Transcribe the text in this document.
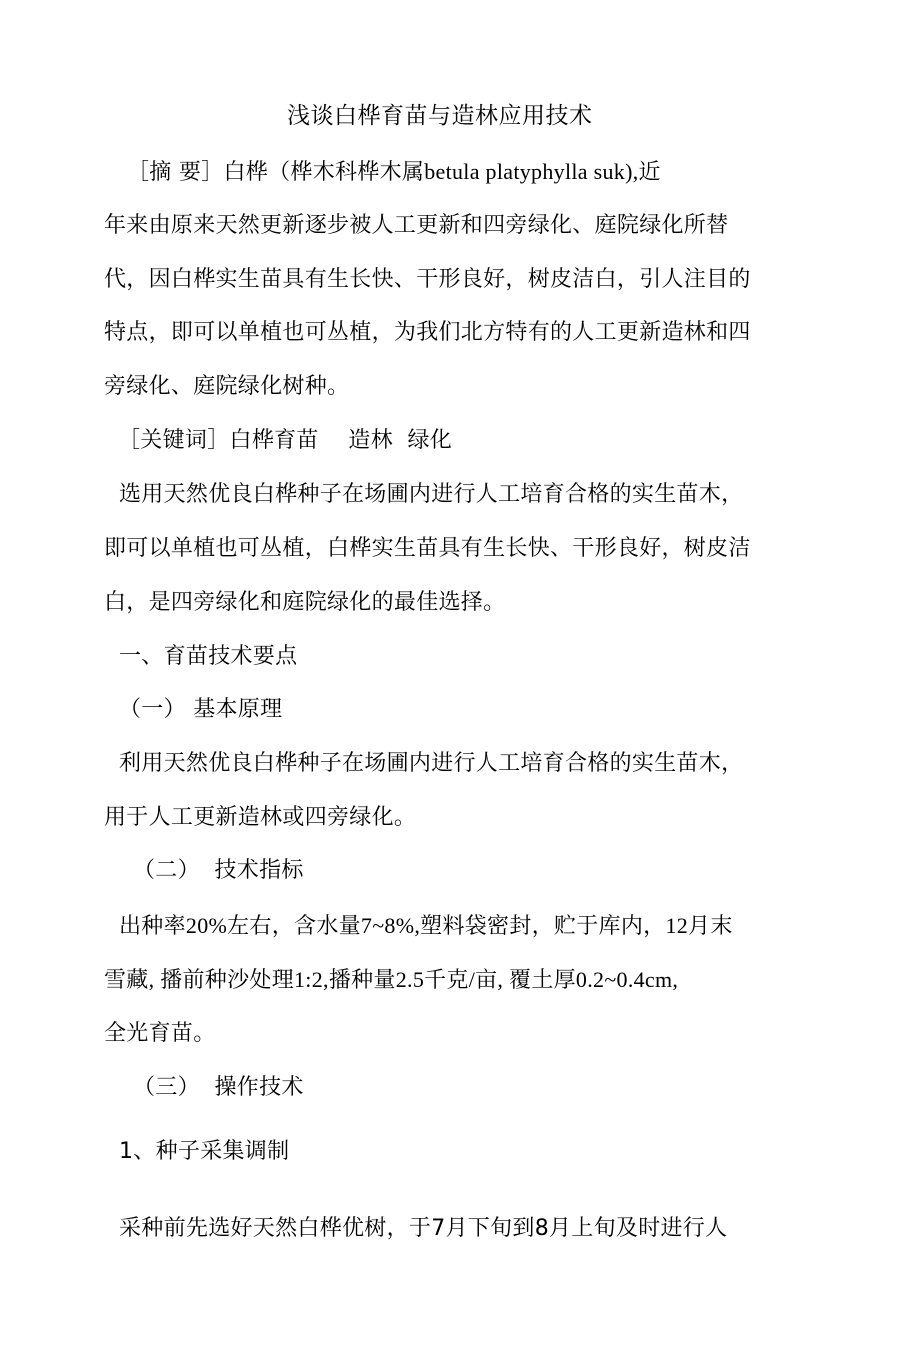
浅谈白桦育苗与造林应用技术
［摘 要］白桦（桦木科桦木属betula platyphylla suk),近
年来由原来天然更新逐步被人工更新和四旁绿化、庭院绿化所替
代，因白桦实生苗具有生长快、干形良好，树皮洁白，引人注目的
特点，即可以单植也可丛植，为我们北方特有的人工更新造林和四
旁绿化、庭院绿化树种。
［关键词］白桦育苗　 造林  绿化
选用天然优良白桦种子在场圃内进行人工培育合格的实生苗木，
即可以单植也可丛植，白桦实生苗具有生长快、干形良好，树皮洁
白，是四旁绿化和庭院绿化的最佳选择。
一、育苗技术要点
（一） 基本原理
利用天然优良白桦种子在场圃内进行人工培育合格的实生苗木，
用于人工更新造林或四旁绿化。
（二）  技术指标
出种率20%左右，含水量7~8%,塑料袋密封，贮于库内，12月末
雪藏, 播前种沙处理1:2,播种量2.5千克/亩, 覆土厚0.2~0.4cm,
全光育苗。
（三）  操作技术
1、种子采集调制
采种前先选好天然白桦优树，于7月下旬到8月上旬及时进行人
